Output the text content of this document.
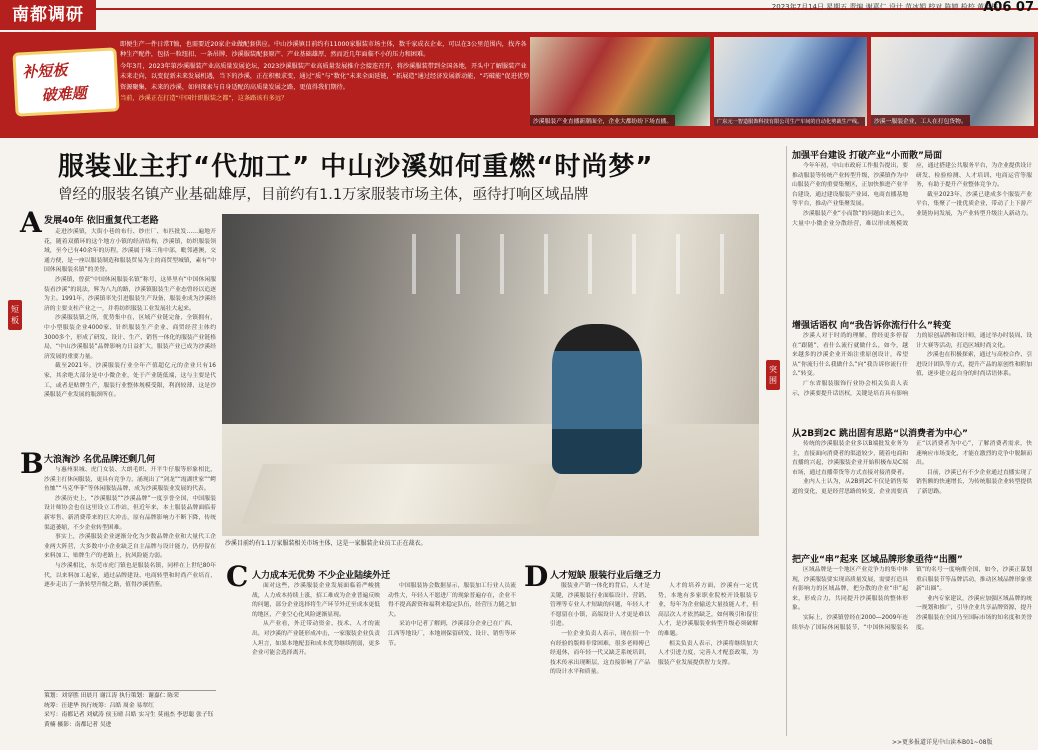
南都调研	2023年7月14日 星期五 责编 谢嘉仁 设计 范冰娟 校对 陈婷 检校 黄运林
A06 07
补短板
破难题

即便生产一件日常T恤，也需要近20家企业做配套供应。中山沙溪镇目前约有11000家服装市场主体，数千家成衣企业，可以在3公里范围内，找齐各种生产配件，包括一粒纽扣、一条吊牌、沙溪服装配套原产、产业基础雄厚，然而近几年面临不小的压力和困难。

今年3月，2023年第沙溪服装产业高质量发展论坛，2023沙溪服装产业高质量发展推介会接连召开，将沙溪服装带到全国各地，开头中了解服装产业未来走向，以变促新未来发展机遇，当下的沙溪，正在积极求变，通过“质”与“数化”未来全面延链，“拓展造”通过经济发展新动能，“巧破能”促进优势资源聚集，未来的沙溪，如何探索与自身适配的高质量发展之路，更值得我们期待。

当前，沙溪正在打造“中国针织服装之都”，这条路该有多远？

沙溪服装产业直播新潮面全，企业大都纷纷下场直播。	广东元一智造服饰科技有限公司生产车间的自动化剪裁生产线。	沙溪一服装企业，工人在打包货物。
服装业主打“代加工” 中山沙溪如何重燃“时尚梦”
曾经的服装名镇产业基础雄厚，目前约有1.1万家服装市场主体，亟待打响区域品牌
短板
突围
A 发展40年 依旧重复代工老路

走进沙溪镇，大街小巷的布行、纱庄厂、布匹批发……遍地开花，随着双循环的这个地方小镇的经济结构，沙溪镇，纺织服装领域，至今已有40余年的历程，沙溪属于珠三角中部，毗邻港澳，交通方便，是一座以服装制造和服装贸易为主的商贸型城镇，素有“中国休闲服装名镇”的美誉。

沙溪镇，曾获“中国休闲服装名镇”称号，这界里有“中国休闲服装看沙溪”的说法，辉为八九的路，沙溪镇服装生产业态曾经以追逐为主。1991年，沙溪镇率先引进服装生产设备，服装业成为沙溪经济的主要支柱产业之一，并将纺织服装工业发展壮大起来。

沙溪服装镇之所，优势集中在，区域产业链完备，全镇拥有，中小型服装企业4000家、针织服装生产企业、商贸经营主体约3000多个，形成了研发、设计、生产、销售一体化的服装产业链格局，“中山沙溪服装”品牌影响力日益扩大，服装产业已成为沙溪经济发展的重要力量。

截至2021年，沙溪服装行业全年产值超亿元的企业只有16家，其余绝大部分是中小微企业，处于产业链低端，这与主要是代工，或者是贴牌生产，服装行业整体规模受限，利润较薄，这是沙溪服装产业发展的瓶颈所在。

B 大浪淘沙 名优品牌还剩几何

与惠州果城、虎门女装、大朗毛织、开平牛仔服等形象相比，沙溪主打休闲服装，更具有竞争力，涌现出了“剑龙”“霞湖世家”“鳄鱼恤”“马克华菲”等休闲服装品牌，成为沙溪服装业发展的代表。

沙溪历史上，“沙溪服装”“沙溪品牌”一度享誉全国，中国服装设计师协会也在这里设立工作站，但近年来，本土服装品牌面临着新零售、新消费带来的巨大冲击，原有品牌影响力不断下降，传统渠道萎缩，不少企业转型困难。

事实上，沙溪服装企业逐渐分化为少数品牌企业和大量代工企业两大阵营，大多数中小企业缺乏自主品牌与设计能力，仍停留在来料加工、贴牌生产的老路上，抗风险能力弱。

与沙溪相比，东莞市虎门镇也是服装名镇，同样在上世纪80年代，以来料加工起家，通过品牌建设、电商转型和时尚产业培育，逐步走出了一条转型升级之路，值得沙溪借鉴。

策划：刘穿胜 田晨月 谢江涛 执行策划：谢嘉仁 陈荣
统筹：汪建华 执行统筹：吕皓 周金 易翠红
采写：南都记者 刘斌涛 侯玉晴 吕皓 实习生 莫雨杰 李思聪 张子钰 黄楠 摄影：南都记者 吴进
沙溪目前约有1.1万家服装相关市场主体，这是一家服装企业员工正在裁衣。
C 人力成本无优势 不少企业陆续外迁

面对这些，沙溪服装企业发展面临着严峻挑战，人力成本持续上涨，招工难成为企业普遍反映的问题，部分企业选择将生产环节外迁至成本更低的地区，产业空心化风险逐渐显现。

从产业看，外迁带动资金、技术、人才的流出，对沙溪的产业链形成冲击，一家服装企业负责人坦言，如果本地配套和成本优势继续削弱，更多企业可能会选择离开。

中国服装协会数据显示，服装加工行业人员流动性大，年轻人不愿进厂的现象普遍存在，企业不得不提高薪资和福利来稳定队伍，经营压力随之加大。

采访中记者了解到，沙溪部分企业已在广西、江西等地设厂，本地则保留研发、设计、销售等环节。

D 人才短缺 服装行业后继乏力

服装业产销一体化的背后，人才是关键，沙溪服装行业面临设计、营销、管理等专业人才短缺的问题，年轻人才不愿留在小镇，高端设计人才更是难以引进。

一位企业负责人表示，现在招一个有经验的版师非常困难，很多老师傅已经退休，而年轻一代又缺乏系统培训，技术传承出现断层，这直接影响了产品的设计水平和质量。

人才的培养方面，沙溪有一定优势，本地有多家职业院校开设服装专业，每年为企业输送大量技能人才，但高层次人才依然缺乏，如何吸引和留住人才，是沙溪服装业转型升级必须破解的难题。

相关负责人表示，沙溪将继续加大人才引进力度，完善人才配套政策，为服装产业发展提供智力支撑。

加强平台建设 打破产业“小而散”局面

今年年初，中山市政府工作报告提出，要推动服装等传统产业转型升级，沙溪镇作为中山服装产业的重要集聚区，正加快推进产业平台建设，通过建设服装产业园、电商直播基地等平台，推动产业集聚发展。

沙溪服装产业“小而散”的问题由来已久，大量中小微企业分散经营，难以形成规模效应，通过搭建公共服务平台，为企业提供设计研发、检验检测、人才培训、电商运营等服务，有助于提升产业整体竞争力。

截至2023年，沙溪已建成多个服装产业平台，集聚了一批优质企业，带动了上下游产业链协同发展，为产业转型升级注入新动力。

增强话语权 向“我告诉你流行什么”转变

沙溪人对于时尚的理解，曾经更多停留在“跟随”，看什么流行就做什么，如今，越来越多的沙溪企业开始注重原创设计，希望从“你流行什么我做什么”向“我告诉你流行什么”转变。

广东省服装服饰行业协会相关负责人表示，沙溪要提升话语权，关键是培育具有影响力的原创品牌和设计师，通过举办时装周、设计大赛等活动，打造区域时尚文化。

沙溪也在积极探索，通过与高校合作、引进设计团队等方式，提升产品的原创性和附加值，逐步建立起自身的时尚话语体系。

从2B到2C 跳出固有思路“以消费者为中心”

传统的沙溪服装企业多以B端批发业务为主，直接面向消费者的渠道较少，随着电商和直播的兴起，沙溪服装企业开始积极布局C端市场，通过直播带货等方式直接对接消费者。

业内人士认为，从2B到2C不仅是销售渠道的变化，更是经营思路的转变，企业需要真正“以消费者为中心”，了解消费者需求，快速响应市场变化，才能在激烈的竞争中脱颖而出。

目前，沙溪已有不少企业通过直播实现了销售额的快速增长，为传统服装企业转型提供了新思路。

把产业“串”起来 区域品牌形象亟待“出圈”

区域品牌是一个地区产业竞争力的集中体现，沙溪服装要实现高质量发展，需要打造具有影响力的区域品牌，把分散的企业“串”起来，形成合力，共同提升沙溪服装的整体形象。

实际上，沙溪镇曾经在2000—2009年连续举办了国际休闲服装节，“中国休闲服装名镇”的名号一度响彻全国，如今，沙溪正谋划重启服装节等品牌活动，推动区域品牌形象重新“出圈”。

业内专家建议，沙溪应加强区域品牌的统一规划和推广，引导企业共享品牌资源，提升沙溪服装在全国乃至国际市场的知名度和美誉度。

>>更多报道详见中山读本B01~08版
